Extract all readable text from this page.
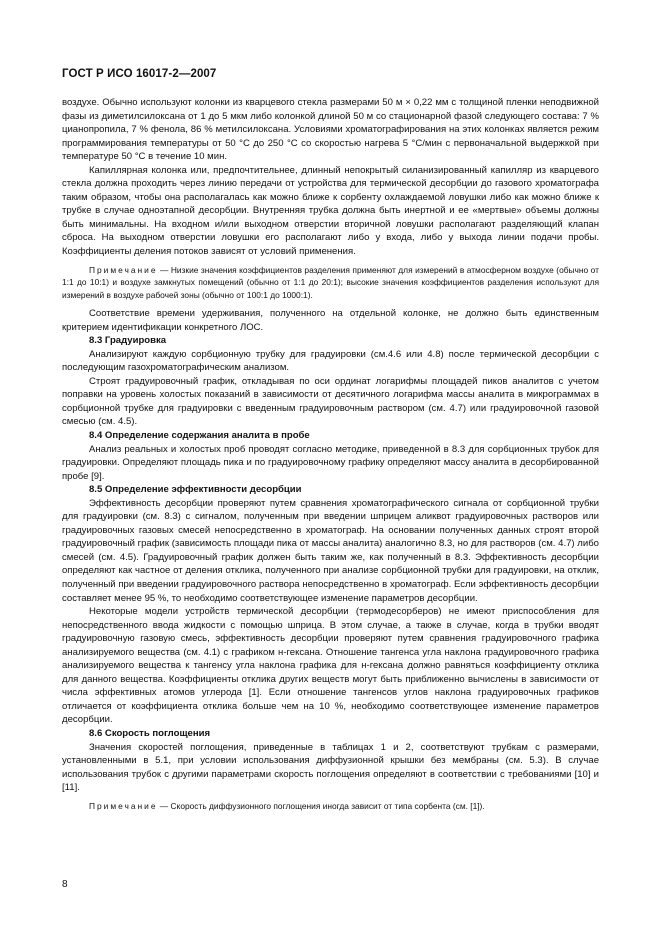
ГОСТ Р ИСО 16017-2—2007

воздухе. Обычно используют колонки из кварцевого стекла размерами 50 м × 0,22 мм с толщиной пленки неподвижной фазы из диметилсилоксана от 1 до 5 мкм либо колонкой длиной 50 м со стационарной фазой следующего состава: 7 % цианопропила, 7 % фенола, 86 % метилсилоксана. Условиями хроматографирования на этих колонках является режим программирования температуры от 50 °С до 250 °С со скоростью нагрева 5 °С/мин с первоначальной выдержкой при температуре 50 °С в течение 10 мин.

Капиллярная колонка или, предпочтительнее, длинный непокрытый силанизированный капилляр из кварцевого стекла должна проходить через линию передачи от устройства для термической десорбции до газового хроматографа таким образом, чтобы она располагалась как можно ближе к сорбенту охлаждаемой ловушки либо как можно ближе к трубке в случае одноэтапной десорбции. Внутренняя трубка должна быть инертной и ее «мертвые» объемы должны быть минимальны. На входном и/или выходном отверстии вторичной ловушки располагают разделяющий клапан сброса. На выходном отверстии ловушки его располагают либо у входа, либо у выхода линии подачи пробы. Коэффициенты деления потоков зависят от условий применения.

Примечание — Низкие значения коэффициентов разделения применяют для измерений в атмосферном воздухе (обычно от 1:1 до 10:1) и воздухе замкнутых помещений (обычно от 1:1 до 20:1); высокие значения коэффициентов разделения используют для измерений в воздухе рабочей зоны (обычно от 100:1 до 1000:1).

Соответствие времени удерживания, полученного на отдельной колонке, не должно быть единственным критерием идентификации конкретного ЛОС.

8.3 Градуировка

Анализируют каждую сорбционную трубку для градуировки (см.4.6 или 4.8) после термической десорбции с последующим газохроматографическим анализом.

Строят градуировочный график, откладывая по оси ординат логарифмы площадей пиков аналитов с учетом поправки на уровень холостых показаний в зависимости от десятичного логарифма массы аналита в микрограммах в сорбционной трубке для градуировки с введенным градуировочным раствором (см. 4.7) или градуировочной газовой смесью (см. 4.5).

8.4 Определение содержания аналита в пробе

Анализ реальных и холостых проб проводят согласно методике, приведенной в 8.3 для сорбционных трубок для градуировки. Определяют площадь пика и по градуировочному графику определяют массу аналита в десорбированной пробе [9].

8.5 Определение эффективности десорбции

Эффективность десорбции проверяют путем сравнения хроматографического сигнала от сорбционной трубки для градуировки (см. 8.3) с сигналом, полученным при введении шприцем аликвот градуировочных растворов или градуировочных газовых смесей непосредственно в хроматограф. На основании полученных данных строят второй градуировочный график (зависимость площади пика от массы аналита) аналогично 8.3, но для растворов (см. 4.7) либо смесей (см. 4.5). Градуировочный график должен быть таким же, как полученный в 8.3. Эффективность десорбции определяют как частное от деления отклика, полученного при анализе сорбционной трубки для градуировки, на отклик, полученный при введении градуировочного раствора непосредственно в хроматограф. Если эффективность десорбции составляет менее 95 %, то необходимо соответствующее изменение параметров десорбции.

Некоторые модели устройств термической десорбции (термодесорберов) не имеют приспособления для непосредственного ввода жидкости с помощью шприца. В этом случае, а также в случае, когда в трубки вводят градуировочную газовую смесь, эффективность десорбции проверяют путем сравнения градуировочного графика анализируемого вещества (см. 4.1) с графиком н-гексана. Отношение тангенса угла наклона градуировочного графика анализируемого вещества к тангенсу угла наклона графика для н-гексана должно равняться коэффициенту отклика для данного вещества. Коэффициенты отклика других веществ могут быть приближенно вычислены в зависимости от числа эффективных атомов углерода [1]. Если отношение тангенсов углов наклона градуировочных графиков отличается от коэффициента отклика больше чем на 10 %, необходимо соответствующее изменение параметров десорбции.

8.6 Скорость поглощения

Значения скоростей поглощения, приведенные в таблицах 1 и 2, соответствуют трубкам с размерами, установленными в 5.1, при условии использования диффузионной крышки без мембраны (см. 5.3). В случае использования трубок с другими параметрами скорость поглощения определяют в соответствии с требованиями [10] и [11].

Примечание — Скорость диффузионного поглощения иногда зависит от типа сорбента (см. [1]).

8
